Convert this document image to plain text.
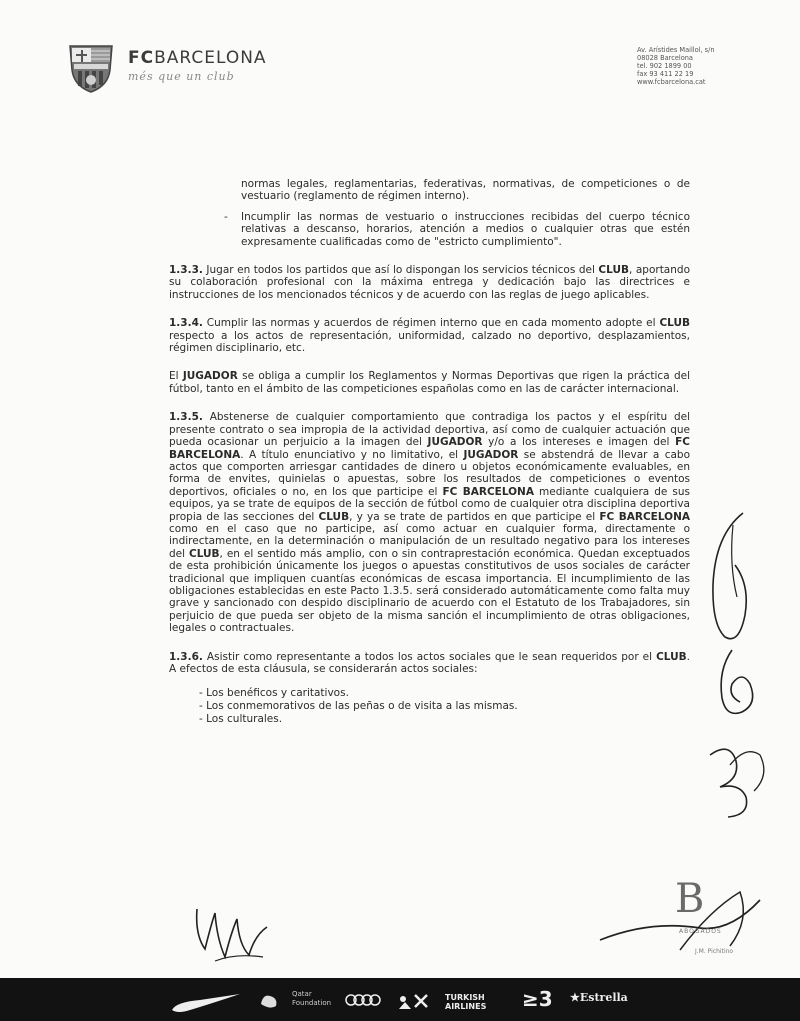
FCBARCELONA
més que un club
Av. Arístides Maillol, s/n
08028 Barcelona
tel. 902 1899 00
fax 93 411 22 19
www.fcbarcelona.cat

normas legales, reglamentarias, federativas, normativas, de competiciones o de vestuario (reglamento de régimen interno).

- Incumplir las normas de vestuario o instrucciones recibidas del cuerpo técnico relativas a descanso, horarios, atención a medios o cualquier otras que estén expresamente cualificadas como de "estricto cumplimiento".

1.3.3. Jugar en todos los partidos que así lo dispongan los servicios técnicos del CLUB, aportando su colaboración profesional con la máxima entrega y dedicación bajo las directrices e instrucciones de los mencionados técnicos y de acuerdo con las reglas de juego aplicables.

1.3.4. Cumplir las normas y acuerdos de régimen interno que en cada momento adopte el CLUB respecto a los actos de representación, uniformidad, calzado no deportivo, desplazamientos, régimen disciplinario, etc.

El JUGADOR se obliga a cumplir los Reglamentos y Normas Deportivas que rigen la práctica del fútbol, tanto en el ámbito de las competiciones españolas como en las de carácter internacional.

1.3.5. Abstenerse de cualquier comportamiento que contradiga los pactos y el espíritu del presente contrato o sea impropia de la actividad deportiva, así como de cualquier actuación que pueda ocasionar un perjuicio a la imagen del JUGADOR y/o a los intereses e imagen del FC BARCELONA. A título enunciativo y no limitativo, el JUGADOR se abstendrá de llevar a cabo actos que comporten arriesgar cantidades de dinero u objetos económicamente evaluables, en forma de envites, quinielas o apuestas, sobre los resultados de competiciones o eventos deportivos, oficiales o no, en los que participe el FC BARCELONA mediante cualquiera de sus equipos, ya se trate de equipos de la sección de fútbol como de cualquier otra disciplina deportiva propia de las secciones del CLUB, y ya se trate de partidos en que participe el FC BARCELONA como en el caso que no participe, así como actuar en cualquier forma, directamente o indirectamente, en la determinación o manipulación de un resultado negativo para los intereses del CLUB, en el sentido más amplio, con o sin contraprestación económica. Quedan exceptuados de esta prohibición únicamente los juegos o apuestas constitutivos de usos sociales de carácter tradicional que impliquen cuantías económicas de escasa importancia. El incumplimiento de las obligaciones establecidas en este Pacto 1.3.5. será considerado automáticamente como falta muy grave y sancionado con despido disciplinario de acuerdo con el Estatuto de los Trabajadores, sin perjuicio de que pueda ser objeto de la misma sanción el incumplimiento de otras obligaciones, legales o contractuales.

1.3.6. Asistir como representante a todos los actos sociales que le sean requeridos por el CLUB. A efectos de esta cláusula, se considerarán actos sociales:

- Los benéficos y caritativos.
- Los conmemorativos de las peñas o de visita a las mismas.
- Los culturales.
B
ABOGADOS
J.M. Pichitino
Qatar Foundation
TURKISH AIRLINES ≥3 ★Estrella
